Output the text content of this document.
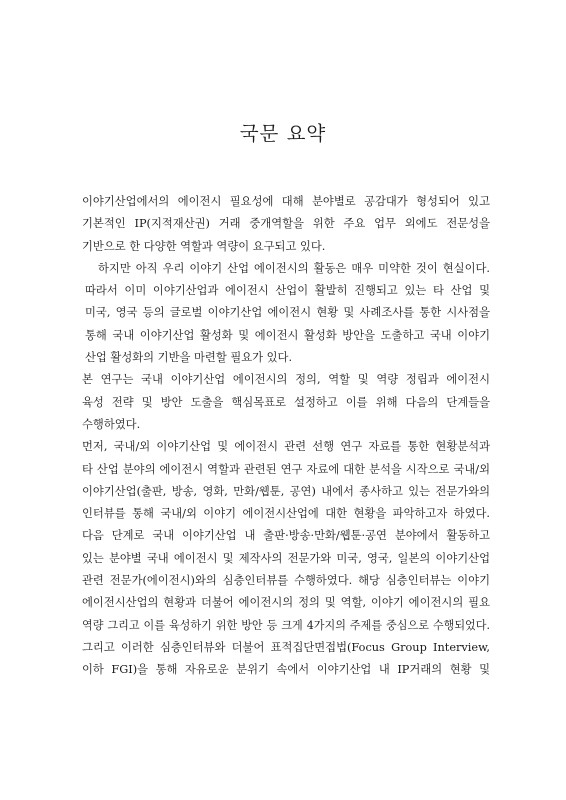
국문 요약
이야기산업에서의 에이전시 필요성에 대해 분야별로 공감대가 형성되어 있고
기본적인 IP(지적재산권) 거래 중개역할을 위한 주요 업무 외에도 전문성을
기반으로 한 다양한 역할과 역량이 요구되고 있다.
하지만 아직 우리 이야기 산업 에이전시의 활동은 매우 미약한 것이 현실이다.
따라서 이미 이야기산업과 에이전시 산업이 활발히 진행되고 있는 타 산업 및
미국, 영국 등의 글로벌 이야기산업 에이전시 현황 및 사례조사를 통한 시사점을
통해 국내 이야기산업 활성화 및 에이전시 활성화 방안을 도출하고 국내 이야기
산업 활성화의 기반을 마련할 필요가 있다.
본 연구는 국내 이야기산업 에이전시의 정의, 역할 및 역량 정립과 에이전시
육성 전략 및 방안 도출을 핵심목표로 설정하고 이를 위해 다음의 단계들을
수행하였다.
먼저, 국내/외 이야기산업 및 에이전시 관련 선행 연구 자료를 통한 현황분석과
타 산업 분야의 에이전시 역할과 관련된 연구 자료에 대한 분석을 시작으로 국내/외
이야기산업(출판, 방송, 영화, 만화/웹툰, 공연) 내에서 종사하고 있는 전문가와의
인터뷰를 통해 국내/외 이야기 에이전시산업에 대한 현황을 파악하고자 하였다.
다음 단계로 국내 이야기산업 내 출판·방송·만화/웹툰·공연 분야에서 활동하고
있는 분야별 국내 에이전시 및 제작사의 전문가와 미국, 영국, 일본의 이야기산업
관련 전문가(에이전시)와의 심층인터뷰를 수행하였다. 해당 심층인터뷰는 이야기
에이전시산업의 현황과 더불어 에이전시의 정의 및 역할, 이야기 에이전시의 필요
역량 그리고 이를 육성하기 위한 방안 등 크게 4가지의 주제를 중심으로 수행되었다.
그리고 이러한 심층인터뷰와 더불어 표적집단면접법(Focus Group Interview,
이하 FGI)을 통해 자유로운 분위기 속에서 이야기산업 내 IP거래의 현황 및
